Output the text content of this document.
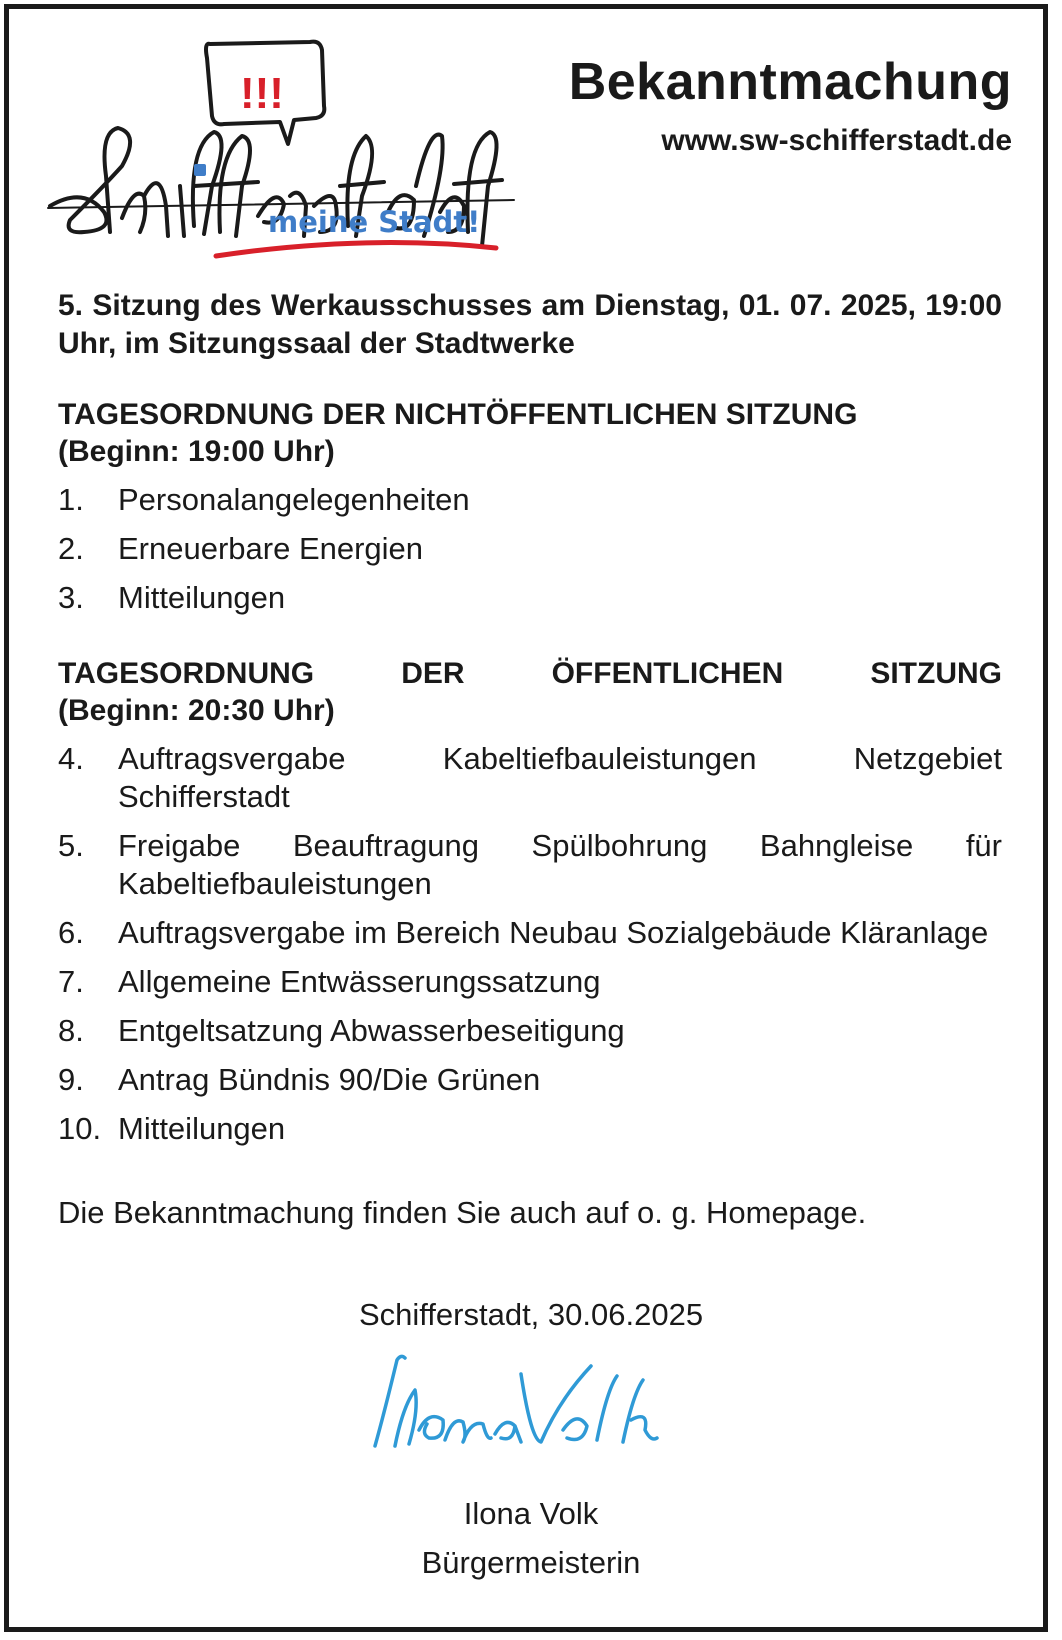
!!!
meine Stadt!
Bekanntmachung
www.sw-schifferstadt.de

5. Sitzung des Werkausschusses am Dienstag, 01. 07. 2025, 19:00 Uhr, im Sitzungssaal der Stadtwerke

TAGESORDNUNG DER NICHTÖFFENTLICHEN SITZUNG

(Beginn: 19:00 Uhr)

1.	Personalangelegenheiten
2.	Erneuerbare Energien
3.	Mitteilungen

TAGESORDNUNG DER ÖFFENTLICHEN SITZUNG

(Beginn: 20:30 Uhr)

4.	Auftragsvergabe Kabeltiefbauleistungen Netzgebiet Schifferstadt
5.	Freigabe Beauftragung Spülbohrung Bahngleise für Kabeltiefbauleistungen
6.	Auftragsvergabe im Bereich Neubau Sozialgebäude Kläranlage
7.	Allgemeine Entwässerungssatzung
8.	Entgeltsatzung Abwasserbeseitigung
9.	Antrag Bündnis 90/Die Grünen
10. Mitteilungen
Die Bekanntmachung finden Sie auch auf o. g. Homepage.
Schifferstadt, 30.06.2025
Ilona Volk
Bürgermeisterin
